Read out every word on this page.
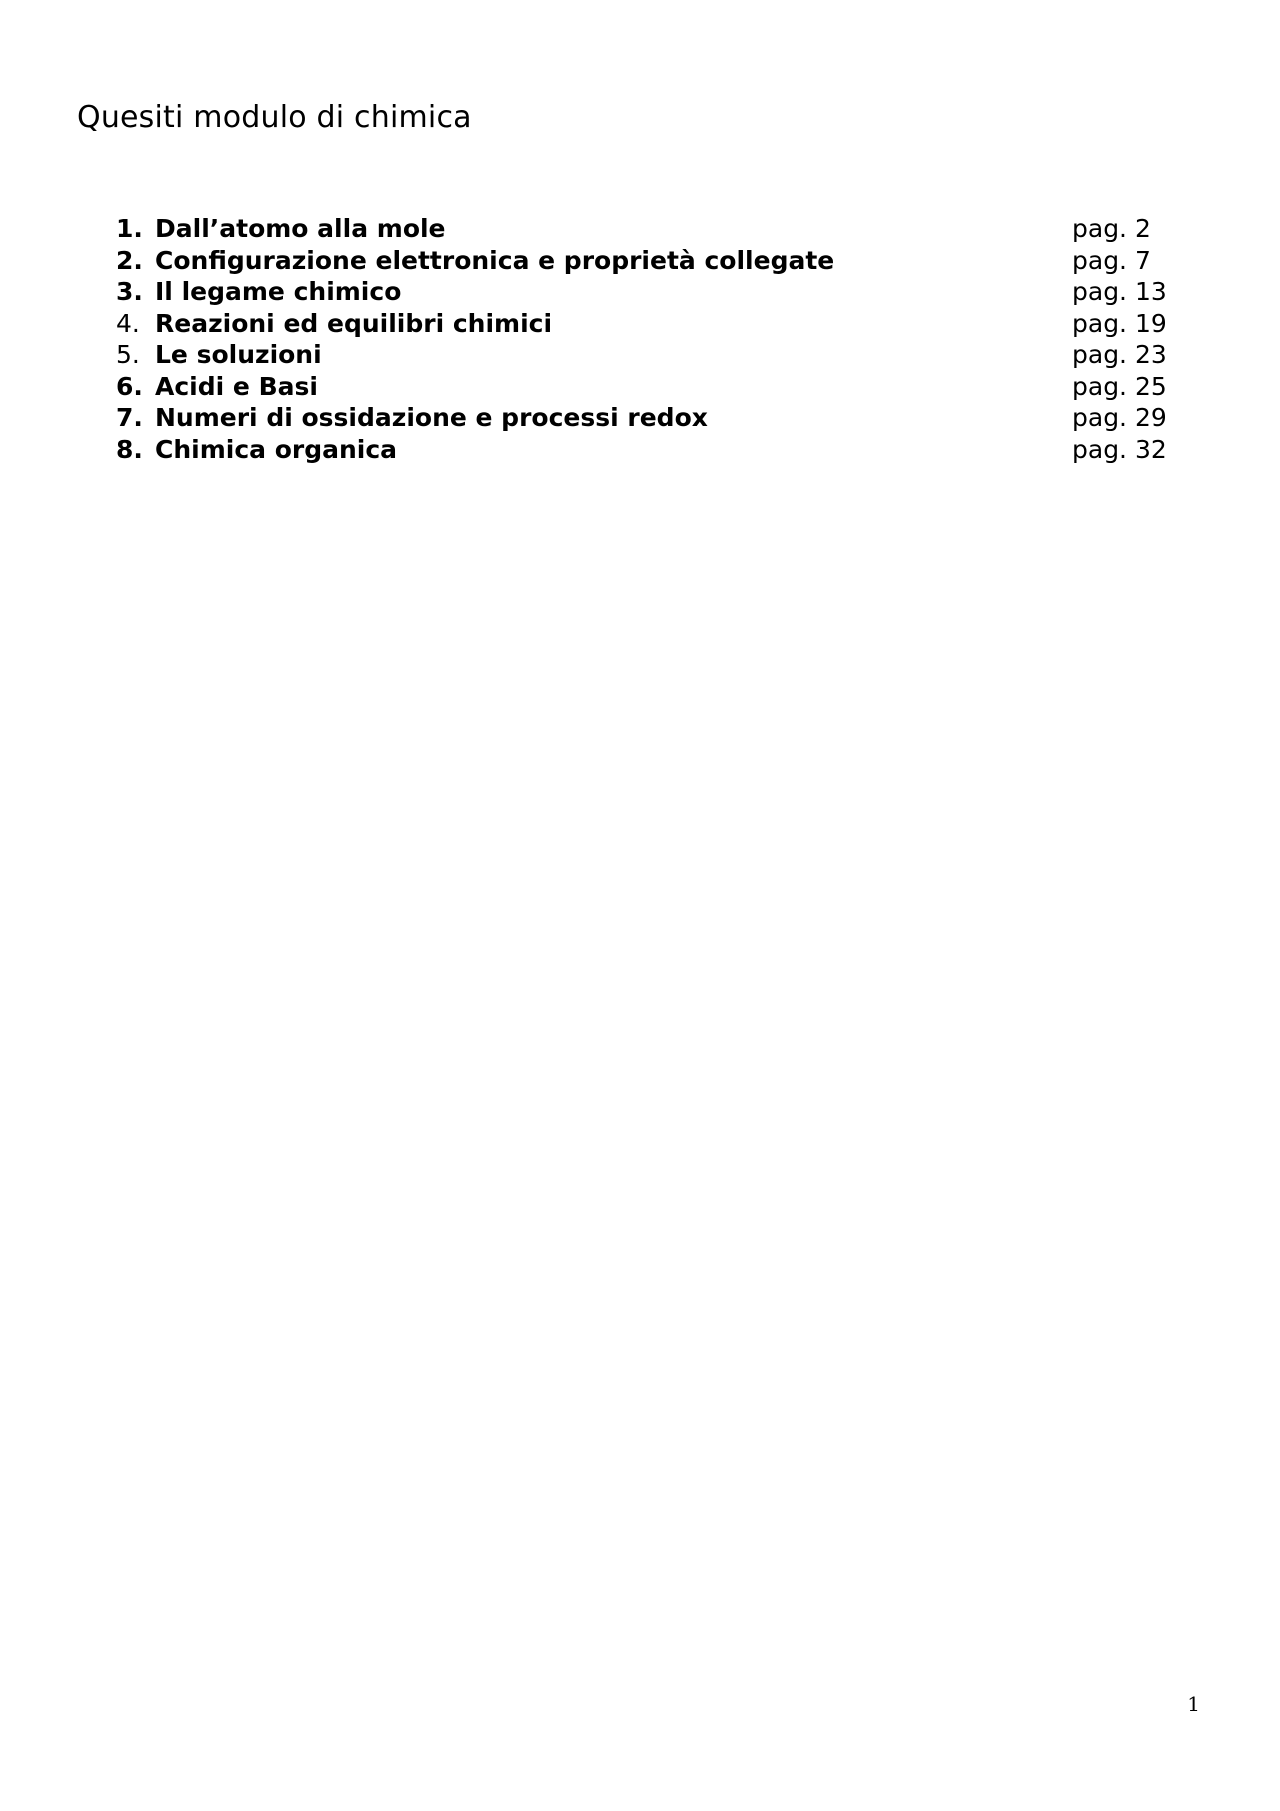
Quesiti modulo di chimica
1. Dall’atomo alla mole	pag. 2
2. Configurazione elettronica e proprietà collegate	pag. 7
3. Il legame chimico	pag. 13
4. Reazioni ed equilibri chimici	pag. 19
5. Le soluzioni	pag. 23
6. Acidi e Basi	pag. 25
7. Numeri di ossidazione e processi redox	pag. 29
8. Chimica organica	pag. 32
1
